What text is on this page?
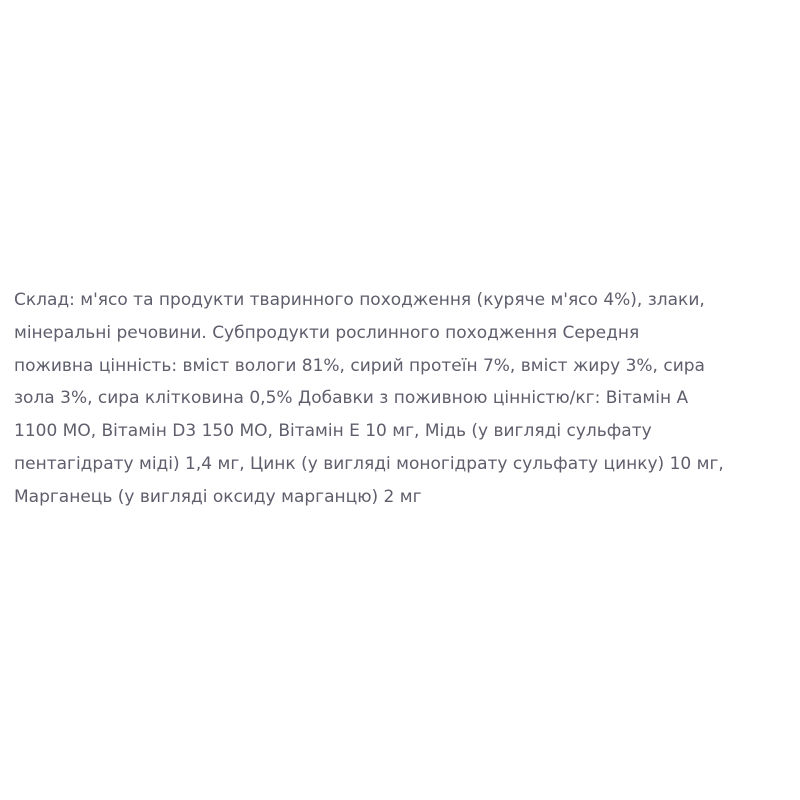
Склад: м'ясо та продукти тваринного походження (куряче м'ясо 4%), злаки,
мінеральні речовини. Субпродукти рослинного походження Середня
поживна цінність: вміст вологи 81%, сирий протеїн 7%, вміст жиру 3%, сира
зола 3%, сира клітковина 0,5% Добавки з поживною цінністю/кг: Вітамін А
1100 МО, Вітамін D3 150 МО, Вітамін Е 10 мг, Мідь (у вигляді сульфату
пентагідрату міді) 1,4 мг, Цинк (у вигляді моногідрату сульфату цинку) 10 мг,
Марганець (у вигляді оксиду марганцю) 2 мг
